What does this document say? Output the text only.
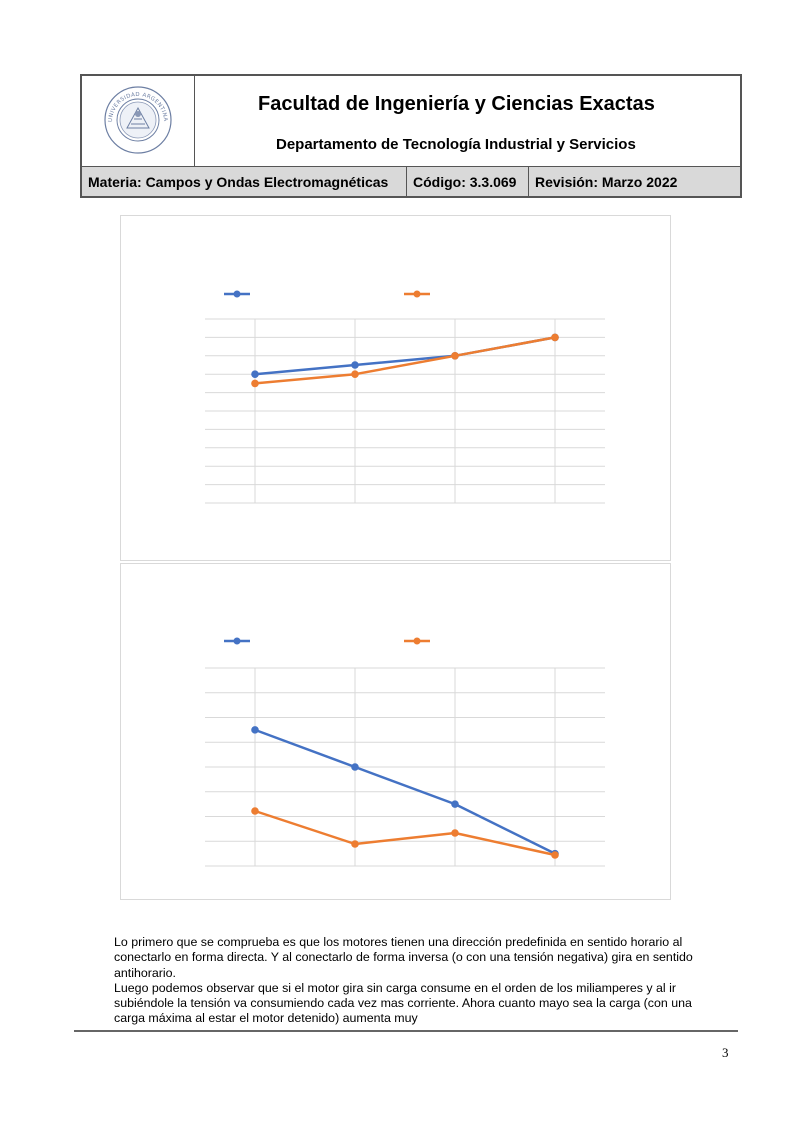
UNIVERSIDAD ARGENTINA
Facultad de Ingeniería y Ciencias Exactas
Departamento de Tecnología Industrial y Servicios
Materia: Campos y Ondas Electromagnéticas	Código: 3.3.069	Revisión: Marzo 2022

Lo primero que se comprueba es que los motores tienen una dirección predefinida en sentido horario al conectarlo en forma directa. Y al conectarlo de forma inversa (o con una tensión negativa) gira en sentido antihorario.

Luego podemos observar que si el motor gira sin carga consume en el orden de los miliamperes y al ir subiéndole la tensión va consumiendo cada vez mas corriente. Ahora cuanto mayo sea la carga (con una carga máxima al estar el motor detenido) aumenta muy

3
